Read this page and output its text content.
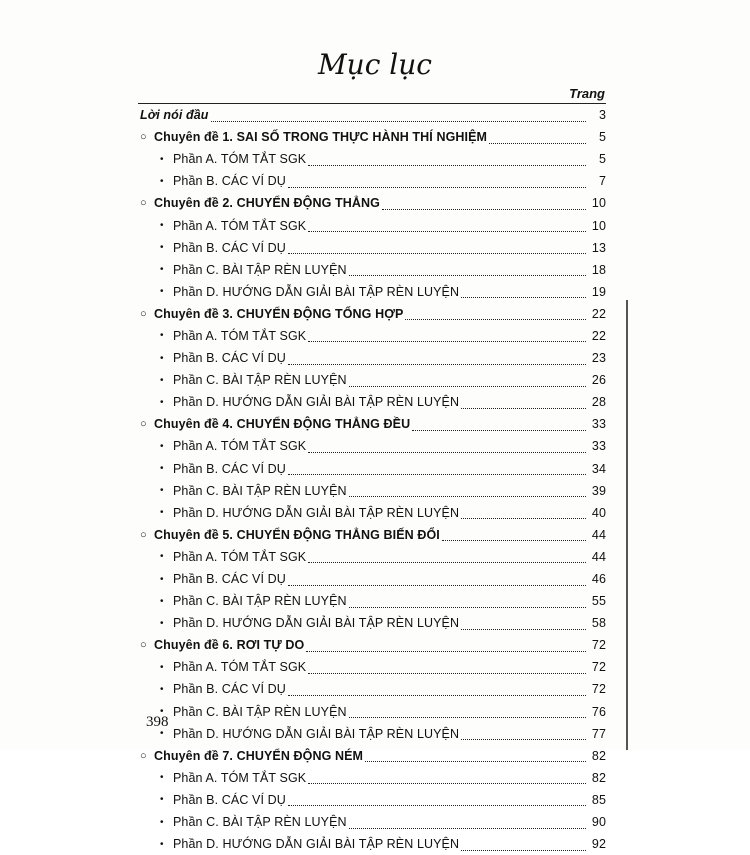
Mục lục
Trang
Lời nói đầu	3
○ Chuyên đề 1. SAI SỐ TRONG THỰC HÀNH THÍ NGHIỆM	5
• Phần A. TÓM TẮT SGK	5
• Phần B. CÁC VÍ DỤ	7
○ Chuyên đề 2. CHUYỂN ĐỘNG THẲNG	10
• Phần A. TÓM TẮT SGK	10
• Phần B. CÁC VÍ DỤ	13
• Phần C. BÀI TẬP RÈN LUYỆN	18
• Phần D. HƯỚNG DẪN GIẢI BÀI TẬP RÈN LUYỆN	19
○ Chuyên đề 3. CHUYỂN ĐỘNG TỔNG HỢP	22
• Phần A. TÓM TẮT SGK	22
• Phần B. CÁC VÍ DỤ	23
• Phần C. BÀI TẬP RÈN LUYỆN	26
• Phần D. HƯỚNG DẪN GIẢI BÀI TẬP RÈN LUYỆN	28
○ Chuyên đề 4. CHUYỂN ĐỘNG THẲNG ĐỀU	33
• Phần A. TÓM TẮT SGK	33
• Phần B. CÁC VÍ DỤ	34
• Phần C. BÀI TẬP RÈN LUYỆN	39
• Phần D. HƯỚNG DẪN GIẢI BÀI TẬP RÈN LUYỆN	40
○ Chuyên đề 5. CHUYỂN ĐỘNG THẲNG BIẾN ĐỔI	44
• Phần A. TÓM TẮT SGK	44
• Phần B. CÁC VÍ DỤ	46
• Phần C. BÀI TẬP RÈN LUYỆN	55
• Phần D. HƯỚNG DẪN GIẢI BÀI TẬP RÈN LUYỆN	58
○ Chuyên đề 6. RƠI TỰ DO	72
• Phần A. TÓM TẮT SGK	72
• Phần B. CÁC VÍ DỤ	72
• Phần C. BÀI TẬP RÈN LUYỆN	76
• Phần D. HƯỚNG DẪN GIẢI BÀI TẬP RÈN LUYỆN	77
○ Chuyên đề 7. CHUYỂN ĐỘNG NÉM	82
• Phần A. TÓM TẮT SGK	82
• Phần B. CÁC VÍ DỤ	85
• Phần C. BÀI TẬP RÈN LUYỆN	90
• Phần D. HƯỚNG DẪN GIẢI BÀI TẬP RÈN LUYỆN	92
398
